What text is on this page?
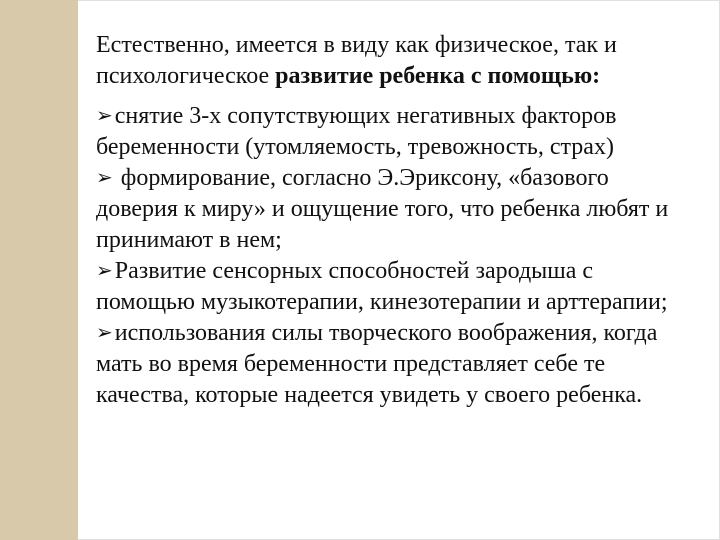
Естественно, имеется в виду как физическое, так и психологическое развитие ребенка с помощью:

➢снятие 3-х сопутствующих негативных факторов беременности (утомляемость, тревожность, страх)

➢ формирование, согласно Э.Эриксону, «базового доверия к миру» и ощущение того, что ребенка любят и принимают в нем;

➢Развитие сенсорных способностей зародыша с помощью музыкотерапии, кинезотерапии и арттерапии;

➢использования силы творческого воображения, когда мать во время беременности представляет себе те качества, которые надеется увидеть у своего ребенка.
